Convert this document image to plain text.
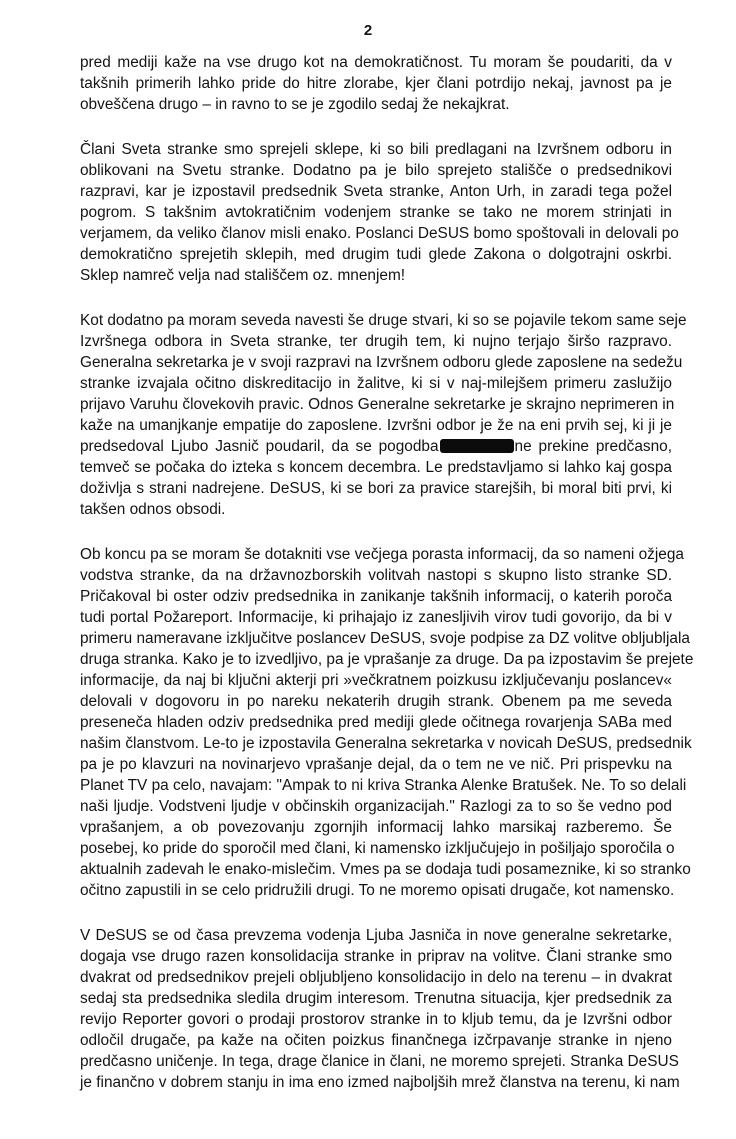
2
pred mediji kaže na vse drugo kot na demokratičnost. Tu moram še poudariti, da v
takšnih primerih lahko pride do hitre zlorabe, kjer člani potrdijo nekaj, javnost pa je
obveščena drugo – in ravno to se je zgodilo sedaj že nekajkrat.
Člani Sveta stranke smo sprejeli sklepe, ki so bili predlagani na Izvršnem odboru in
oblikovani na Svetu stranke. Dodatno pa je bilo sprejeto stališče o predsednikovi
razpravi, kar je izpostavil predsednik Sveta stranke, Anton Urh, in zaradi tega požel
pogrom. S takšnim avtokratičnim vodenjem stranke se tako ne morem strinjati in
verjamem, da veliko članov misli enako. Poslanci DeSUS bomo spoštovali in delovali po
demokratično sprejetih sklepih, med drugim tudi glede Zakona o dolgotrajni oskrbi.
Sklep namreč velja nad stališčem oz. mnenjem!
Kot dodatno pa moram seveda navesti še druge stvari, ki so se pojavile tekom same seje
Izvršnega odbora in Sveta stranke, ter drugih tem, ki nujno terjajo širšo razpravo.
Generalna sekretarka je v svoji razpravi na Izvršnem odboru glede zaposlene na sedežu
stranke izvajala očitno diskreditacijo in žalitve, ki si v naj-milejšem primeru zaslužijo
prijavo Varuhu človekovih pravic. Odnos Generalne sekretarke je skrajno neprimeren in
kaže na umanjkanje empatije do zaposlene. Izvršni odbor je že na eni prvih sej, ki ji je
predsedoval Ljubo Jasnič poudaril, da se pogodba	ne prekine predčasno,
temveč se počaka do izteka s koncem decembra. Le predstavljamo si lahko kaj gospa
doživlja s strani nadrejene. DeSUS, ki se bori za pravice starejših, bi moral biti prvi, ki
takšen odnos obsodi.
Ob koncu pa se moram še dotakniti vse večjega porasta informacij, da so nameni ožjega
vodstva stranke, da na državnozborskih volitvah nastopi s skupno listo stranke SD.
Pričakoval bi oster odziv predsednika in zanikanje takšnih informacij, o katerih poroča
tudi portal Požareport. Informacije, ki prihajajo iz zanesljivih virov tudi govorijo, da bi v
primeru nameravane izključitve poslancev DeSUS, svoje podpise za DZ volitve obljubljala
druga stranka. Kako je to izvedljivo, pa je vprašanje za druge. Da pa izpostavim še prejete
informacije, da naj bi ključni akterji pri »večkratnem poizkusu izključevanju poslancev«
delovali v dogovoru in po nareku nekaterih drugih strank. Obenem pa me seveda
preseneča hladen odziv predsednika pred mediji glede očitnega rovarjenja SABa med
našim članstvom. Le-to je izpostavila Generalna sekretarka v novicah DeSUS, predsednik
pa je po klavzuri na novinarjevo vprašanje dejal, da o tem ne ve nič. Pri prispevku na
Planet TV pa celo, navajam: "Ampak to ni kriva Stranka Alenke Bratušek. Ne. To so delali
naši ljudje. Vodstveni ljudje v občinskih organizacijah." Razlogi za to so še vedno pod
vprašanjem, a ob povezovanju zgornjih informacij lahko marsikaj razberemo. Še
posebej, ko pride do sporočil med člani, ki namensko izključujejo in pošiljajo sporočila o
aktualnih zadevah le enako-mislečim. Vmes pa se dodaja tudi posameznike, ki so stranko
očitno zapustili in se celo pridružili drugi. To ne moremo opisati drugače, kot namensko.
V DeSUS se od časa prevzema vodenja Ljuba Jasniča in nove generalne sekretarke,
dogaja vse drugo razen konsolidacija stranke in priprav na volitve. Člani stranke smo
dvakrat od predsednikov prejeli obljubljeno konsolidacijo in delo na terenu – in dvakrat
sedaj sta predsednika sledila drugim interesom. Trenutna situacija, kjer predsednik za
revijo Reporter govori o prodaji prostorov stranke in to kljub temu, da je Izvršni odbor
odločil drugače, pa kaže na očiten poizkus finančnega izčrpavanje stranke in njeno
predčasno uničenje. In tega, drage članice in člani, ne moremo sprejeti. Stranka DeSUS
je finančno v dobrem stanju in ima eno izmed najboljših mrež članstva na terenu, ki nam
